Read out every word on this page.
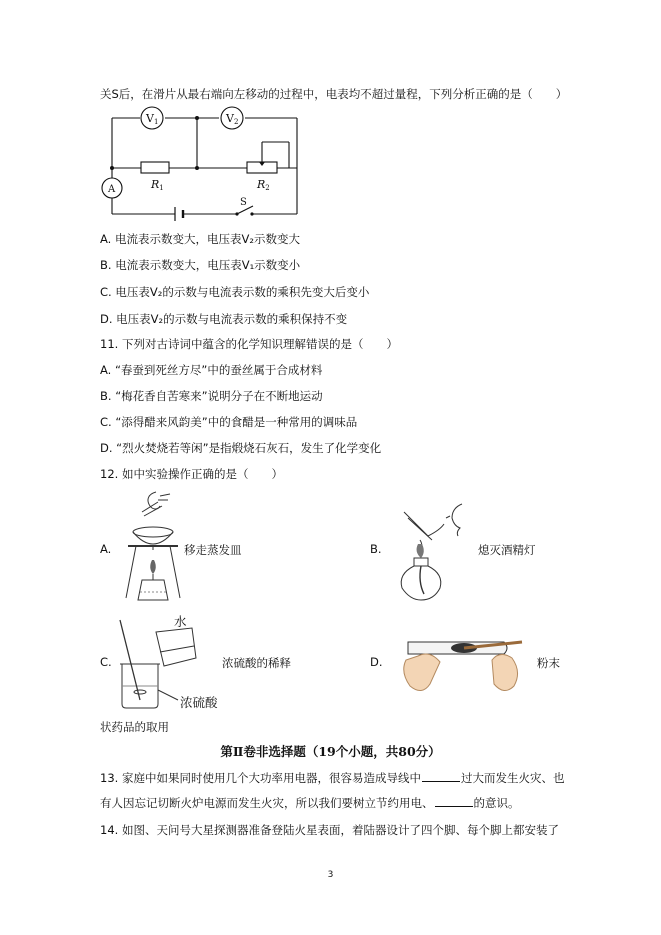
关S后，在滑片从最右端向左移动的过程中，电表均不超过量程，下列分析正确的是（　　）
V1	V2
A	R1	R2
S
A. 电流表示数变大，电压表V₂示数变大
B. 电流表示数变大，电压表V₁示数变小
C. 电压表V₂的示数与电流表示数的乘积先变大后变小
D. 电压表V₂的示数与电流表示数的乘积保持不变
11. 下列对古诗词中蕴含的化学知识理解错误的是（　　）
A. “春蚕到死丝方尽”中的蚕丝属于合成材料
B. “梅花香自苦寒来”说明分子在不断地运动
C. “添得醋来风韵美”中的食醋是一种常用的调味品
D. “烈火焚烧若等闲”是指煅烧石灰石，发生了化学变化
12. 如中实验操作正确的是（　　）
A.	移走蒸发皿	B.	熄灭酒精灯
C.
水
浓硫酸
浓硫酸的稀释	D.	粉末
状药品的取用
第Ⅱ卷非选择题（19个小题，共80分）
13. 家庭中如果同时使用几个大功率用电器，很容易造成导线中	过大而发生火灾、也
有人因忘记切断火炉电源而发生火灾，所以我们要树立节约用电、	的意识。
14. 如图、天问号大星探测器准备登陆火星表面，着陆器设计了四个脚、每个脚上都安装了
3
